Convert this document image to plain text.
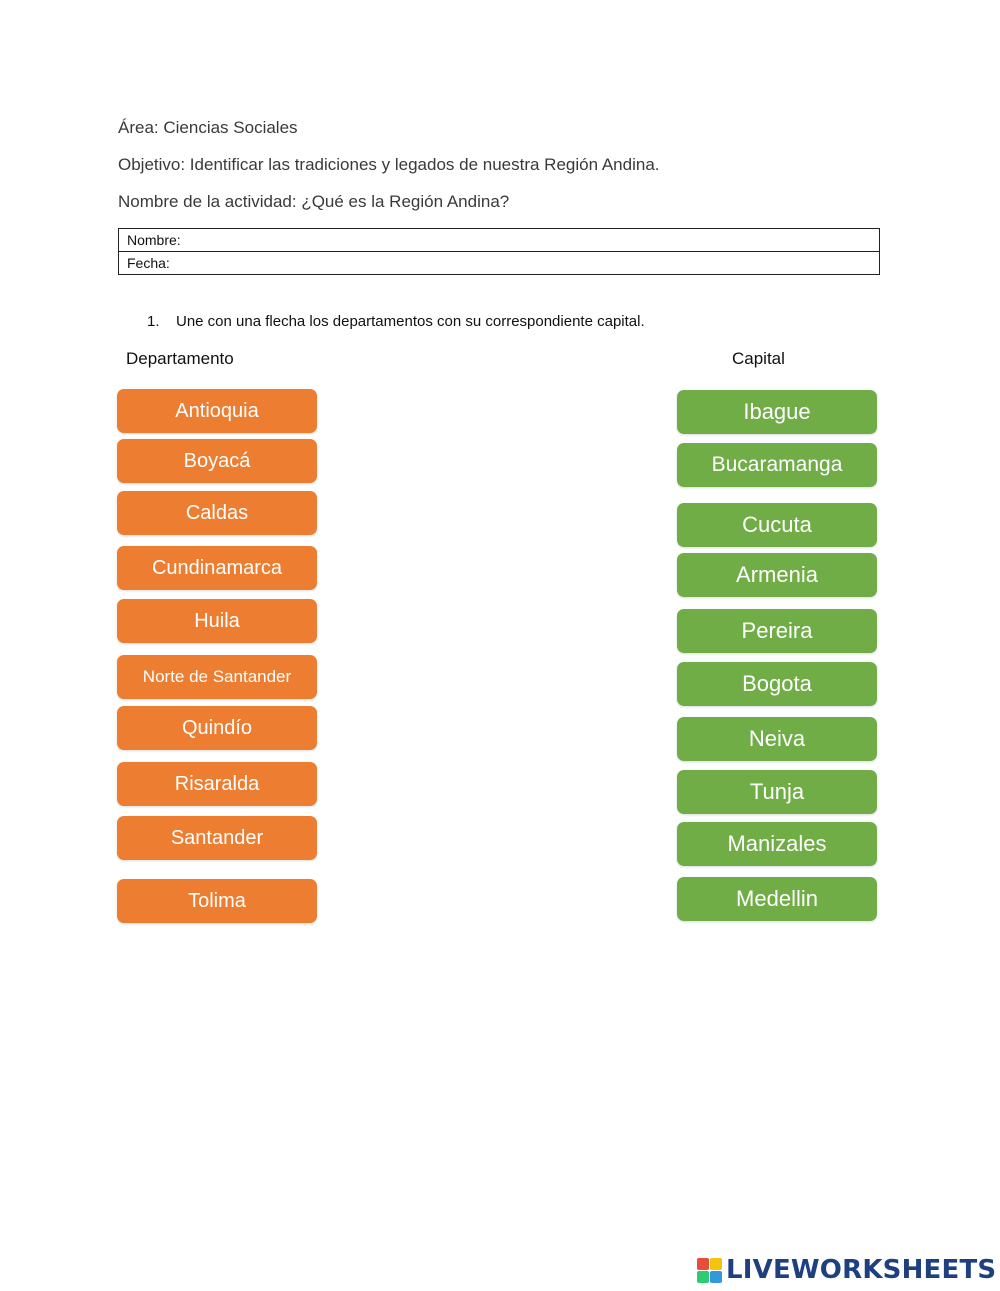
Área: Ciencias Sociales
Objetivo: Identificar las tradiciones y legados de nuestra Región Andina.
Nombre de la actividad: ¿Qué es la Región Andina?
Nombre:
Fecha:
1. Une con una flecha los departamentos con su correspondiente capital.
Departamento	Capital
Antioquia
Boyacá
Caldas
Cundinamarca
Huila
Norte de Santander
Quindío
Risaralda
Santander
Tolima
Ibague
Bucaramanga
Cucuta
Armenia
Pereira
Bogota
Neiva
Tunja
Manizales
Medellin
LIVEWORKSHEETS
